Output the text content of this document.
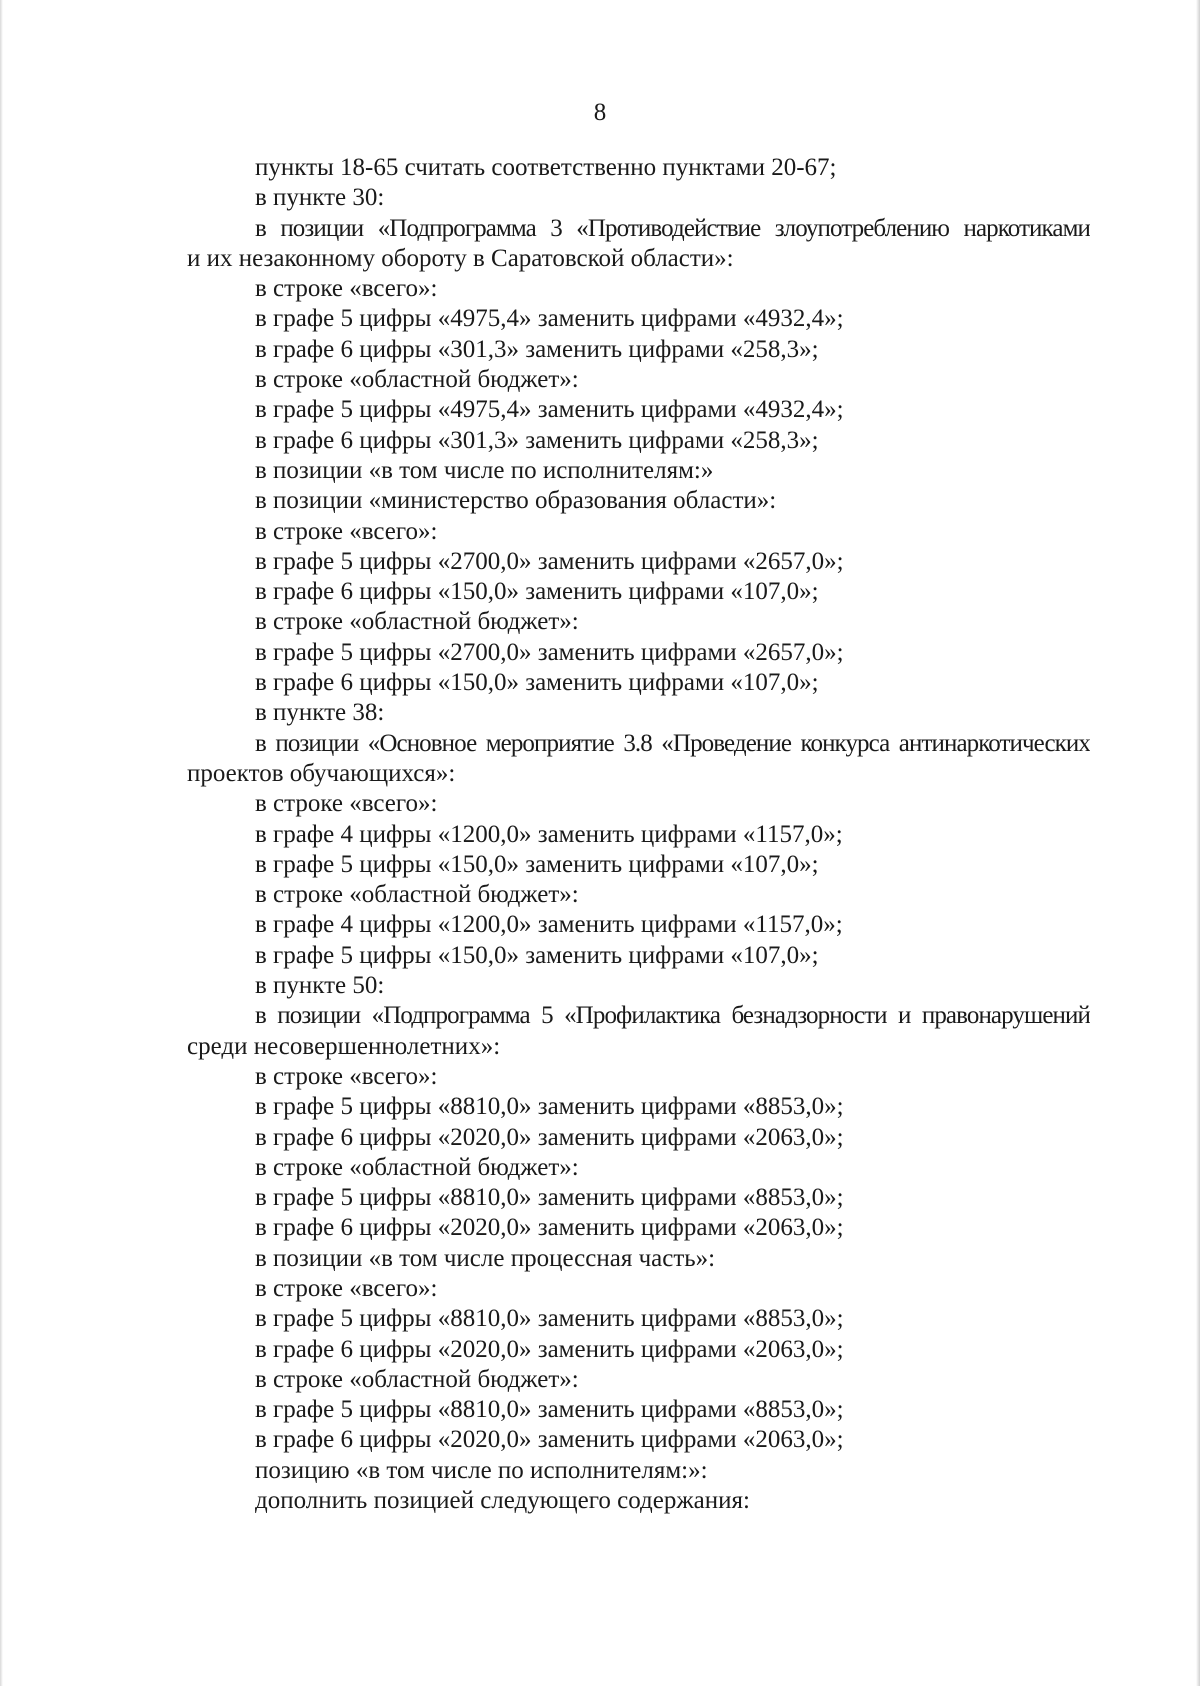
8
пункты 18-65 считать соответственно пунктами 20-67;
в пункте 30:
в позиции «Подпрограмма 3 «Противодействие злоупотреблению наркотиками
и их незаконному обороту в Саратовской области»:
в строке «всего»:
в графе 5 цифры «4975,4» заменить цифрами «4932,4»;
в графе 6 цифры «301,3» заменить цифрами «258,3»;
в строке «областной бюджет»:
в графе 5 цифры «4975,4» заменить цифрами «4932,4»;
в графе 6 цифры «301,3» заменить цифрами «258,3»;
в позиции «в том числе по исполнителям:»
в позиции «министерство образования области»:
в строке «всего»:
в графе 5 цифры «2700,0» заменить цифрами «2657,0»;
в графе 6 цифры «150,0» заменить цифрами «107,0»;
в строке «областной бюджет»:
в графе 5 цифры «2700,0» заменить цифрами «2657,0»;
в графе 6 цифры «150,0» заменить цифрами «107,0»;
в пункте 38:
в позиции «Основное мероприятие 3.8 «Проведение конкурса антинаркотических
проектов обучающихся»:
в строке «всего»:
в графе 4 цифры «1200,0» заменить цифрами «1157,0»;
в графе 5 цифры «150,0» заменить цифрами «107,0»;
в строке «областной бюджет»:
в графе 4 цифры «1200,0» заменить цифрами «1157,0»;
в графе 5 цифры «150,0» заменить цифрами «107,0»;
в пункте 50:
в позиции «Подпрограмма 5 «Профилактика безнадзорности и правонарушений
среди несовершеннолетних»:
в строке «всего»:
в графе 5 цифры «8810,0» заменить цифрами «8853,0»;
в графе 6 цифры «2020,0» заменить цифрами «2063,0»;
в строке «областной бюджет»:
в графе 5 цифры «8810,0» заменить цифрами «8853,0»;
в графе 6 цифры «2020,0» заменить цифрами «2063,0»;
в позиции «в том числе процессная часть»:
в строке «всего»:
в графе 5 цифры «8810,0» заменить цифрами «8853,0»;
в графе 6 цифры «2020,0» заменить цифрами «2063,0»;
в строке «областной бюджет»:
в графе 5 цифры «8810,0» заменить цифрами «8853,0»;
в графе 6 цифры «2020,0» заменить цифрами «2063,0»;
позицию «в том числе по исполнителям:»:
дополнить позицией следующего содержания:
